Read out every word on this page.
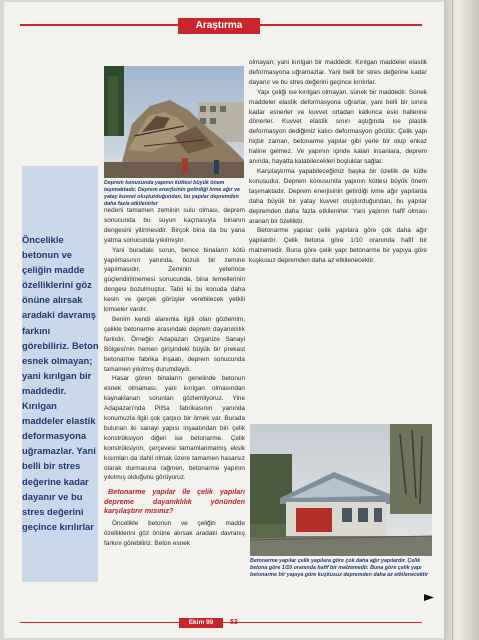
Araştırma
Deprem konusunda yapının kütlesi büyük önem taşımaktadır. Deprem enerjisinin getirdiği ivme ağır ve yatay kuvvet oluşturduğundan, bu yapılar depremden daha fazla etkilenirler
Öncelikle betonun ve çeliğin madde özelliklerini göz önüne alırsak aradaki davranış farkını görebiliriz. Beton esnek olmayan; yani kırılgan bir maddedir. Kırılgan maddeler elastik deformasyona uğramazlar. Yani belli bir stres değerine kadar dayanır ve bu stres değerini geçince kırılırlar

nedeni tamamen zeminin sulu olması, deprem sonucunda bu suyun kaçmasıyla binanın dengesini yitirmesidir. Birçok bina da bu yana yatma sonucunda yıkılmıştır.

Yani buradaki sorun, bence binaların kötü yapılmasının yanında, bozuk bir zemine yapılmasıdır. Zeminin yeterince güçlendirilmemesi sonucunda, bina temellerinin dengesi bozulmuştur. Tabii ki bu konuda daha kesin ve gerçek görüşler verebilecek yetkili kimseler vardır.

Benim kendi alanımla ilgili olan gözlemim, çelikle betonarme arasındaki deprem dayanıklılık farkıdır. Örneğin Adapazarı Organize Sanayi Bölgesi'nin hemen girişindeki büyük bir prekast betonarme fabrika inşaatı, deprem sonucunda tamamen yıkılmış durumdaydı.

Hasar gören binaların genelinde betonun esnek olmaması, yani kırılgan olmasından kaynaklanan sorunları gözlemliyoruz. Yine Adapazarı'nda PilSa fabrikasının yanında konumuzla ilgili çok çarpıcı bir örnek var. Burada bulunan iki sanayi yapısı inşaatından biri çelik konstrüksiyon diğeri ise betonarme. Çelik konstrüksiyon, çerçevesi tamamlanmamış eksik kısımları da dahil olmak üzere tamamen hasarsız olarak durmasına rağmen, betonarme yapının yıkılmış olduğunu görüyoruz.

Betonarme yapılar ile çelik yapıları depreme dayanıklılık yönünden karşılaştırır mısınız?

Öncelikle betonun ve çeliğin madde özelliklerini göz önüne alırsak aradaki davranış farkını görebiliriz. Beton esnek

olmayan; yani kırılgan bir maddedir. Kırılgan maddeler elastik deformasyona uğramazlar. Yani belli bir stres değerine kadar dayanır ve bu stres değerini geçince kırılırlar.

Yapı çeliği ise kırılgan olmayan, sünek bir maddedir. Sünek maddeler elastik deformasyona uğrarlar, yani belli bir sınıra kadar esnerler ve kuvvet ortadan kalkınca eski hallerine dönerler. Kuvvet elastik sınırı aştığında ise plastik deformasyon dediğimiz kalıcı deformasyon görülür. Çelik yapı hiçbir zaman, betonarme yapılar gibi yerle bir olup enkaz haline gelmez. Ve yapının içinde kalan insanlara, deprem anında, hayatta kalabilecekleri boşluklar sağlar.

Karşılaştırma yapabileceğimiz başka bir özellik de kütle konusudur. Deprem konusunda yapının kütlesi büyük önem taşımaktadır. Deprem enerjisinin getirdiği ivme ağır yapılarda daha büyük bir yatay kuvvet oluşturduğundan, bu yapılar depremden daha fazla etkilenirler. Yani yapının hafif olması aranan bir özelliktir.

Betonarme yapılar çelik yapılara göre çok daha ağır yapılardır. Çelik betona göre 1/10 oranında hafif bir malzemedir. Buna göre çelik yapı betonarme bir yapıya göre kuşkusuz depremden daha az etkilenecektir.

Betonarme yapılar çelik yapılara göre çok daha ağır yapılardır. Çelik betona göre 1/10 oranında hafif bir malzemedir. Buna göre çelik yapı betonarme bir yapıya göre kuşkusuz depremden daha az etkilenecektir
Ekim 99	53
